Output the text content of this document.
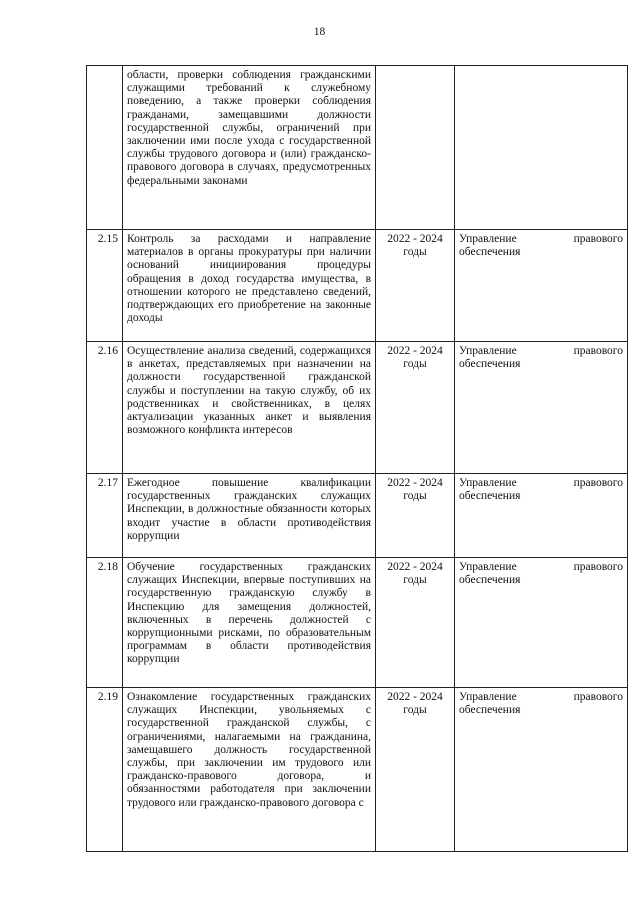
18
	области, проверки соблюдения гражданскими служащими требований к служебному поведению, а также проверки соблюдения гражданами, замещавшими должности государственной службы, ограничений при заключении ими после ухода с государственной службы трудового договора и (или) гражданско-правового договора в случаях, предусмотренных федеральными законами		
2.15	Контроль за расходами и направление материалов в органы прокуратуры при наличии оснований инициирования процедуры обращения в доход государства имущества, в отношении которого не представлено сведений, подтверждающих его приобретение на законные доходы	2022 - 2024 годы	Управление правового обеспечения
2.16	Осуществление анализа сведений, содержащихся в анкетах, представляемых при назначении на должности государственной гражданской службы и поступлении на такую службу, об их родственниках и свойственниках, в целях актуализации указанных анкет и выявления возможного конфликта интересов	2022 - 2024 годы	Управление правового обеспечения
2.17	Ежегодное повышение квалификации государственных гражданских служащих Инспекции, в должностные обязанности которых входит участие в области противодействия коррупции	2022 - 2024 годы	Управление правового обеспечения
2.18	Обучение государственных гражданских служащих Инспекции, впервые поступивших на государственную гражданскую службу в Инспекцию для замещения должностей, включенных в перечень должностей с коррупционными рисками, по образовательным программам в области противодействия коррупции	2022 - 2024 годы	Управление правового обеспечения
2.19	Ознакомление государственных гражданских служащих Инспекции, увольняемых с государственной гражданской службы, с ограничениями, налагаемыми на гражданина, замещавшего должность государственной службы, при заключении им трудового или гражданско-правового договора, и обязанностями работодателя при заключении трудового или гражданско-правового договора с	2022 - 2024 годы	Управление правового обеспечения
